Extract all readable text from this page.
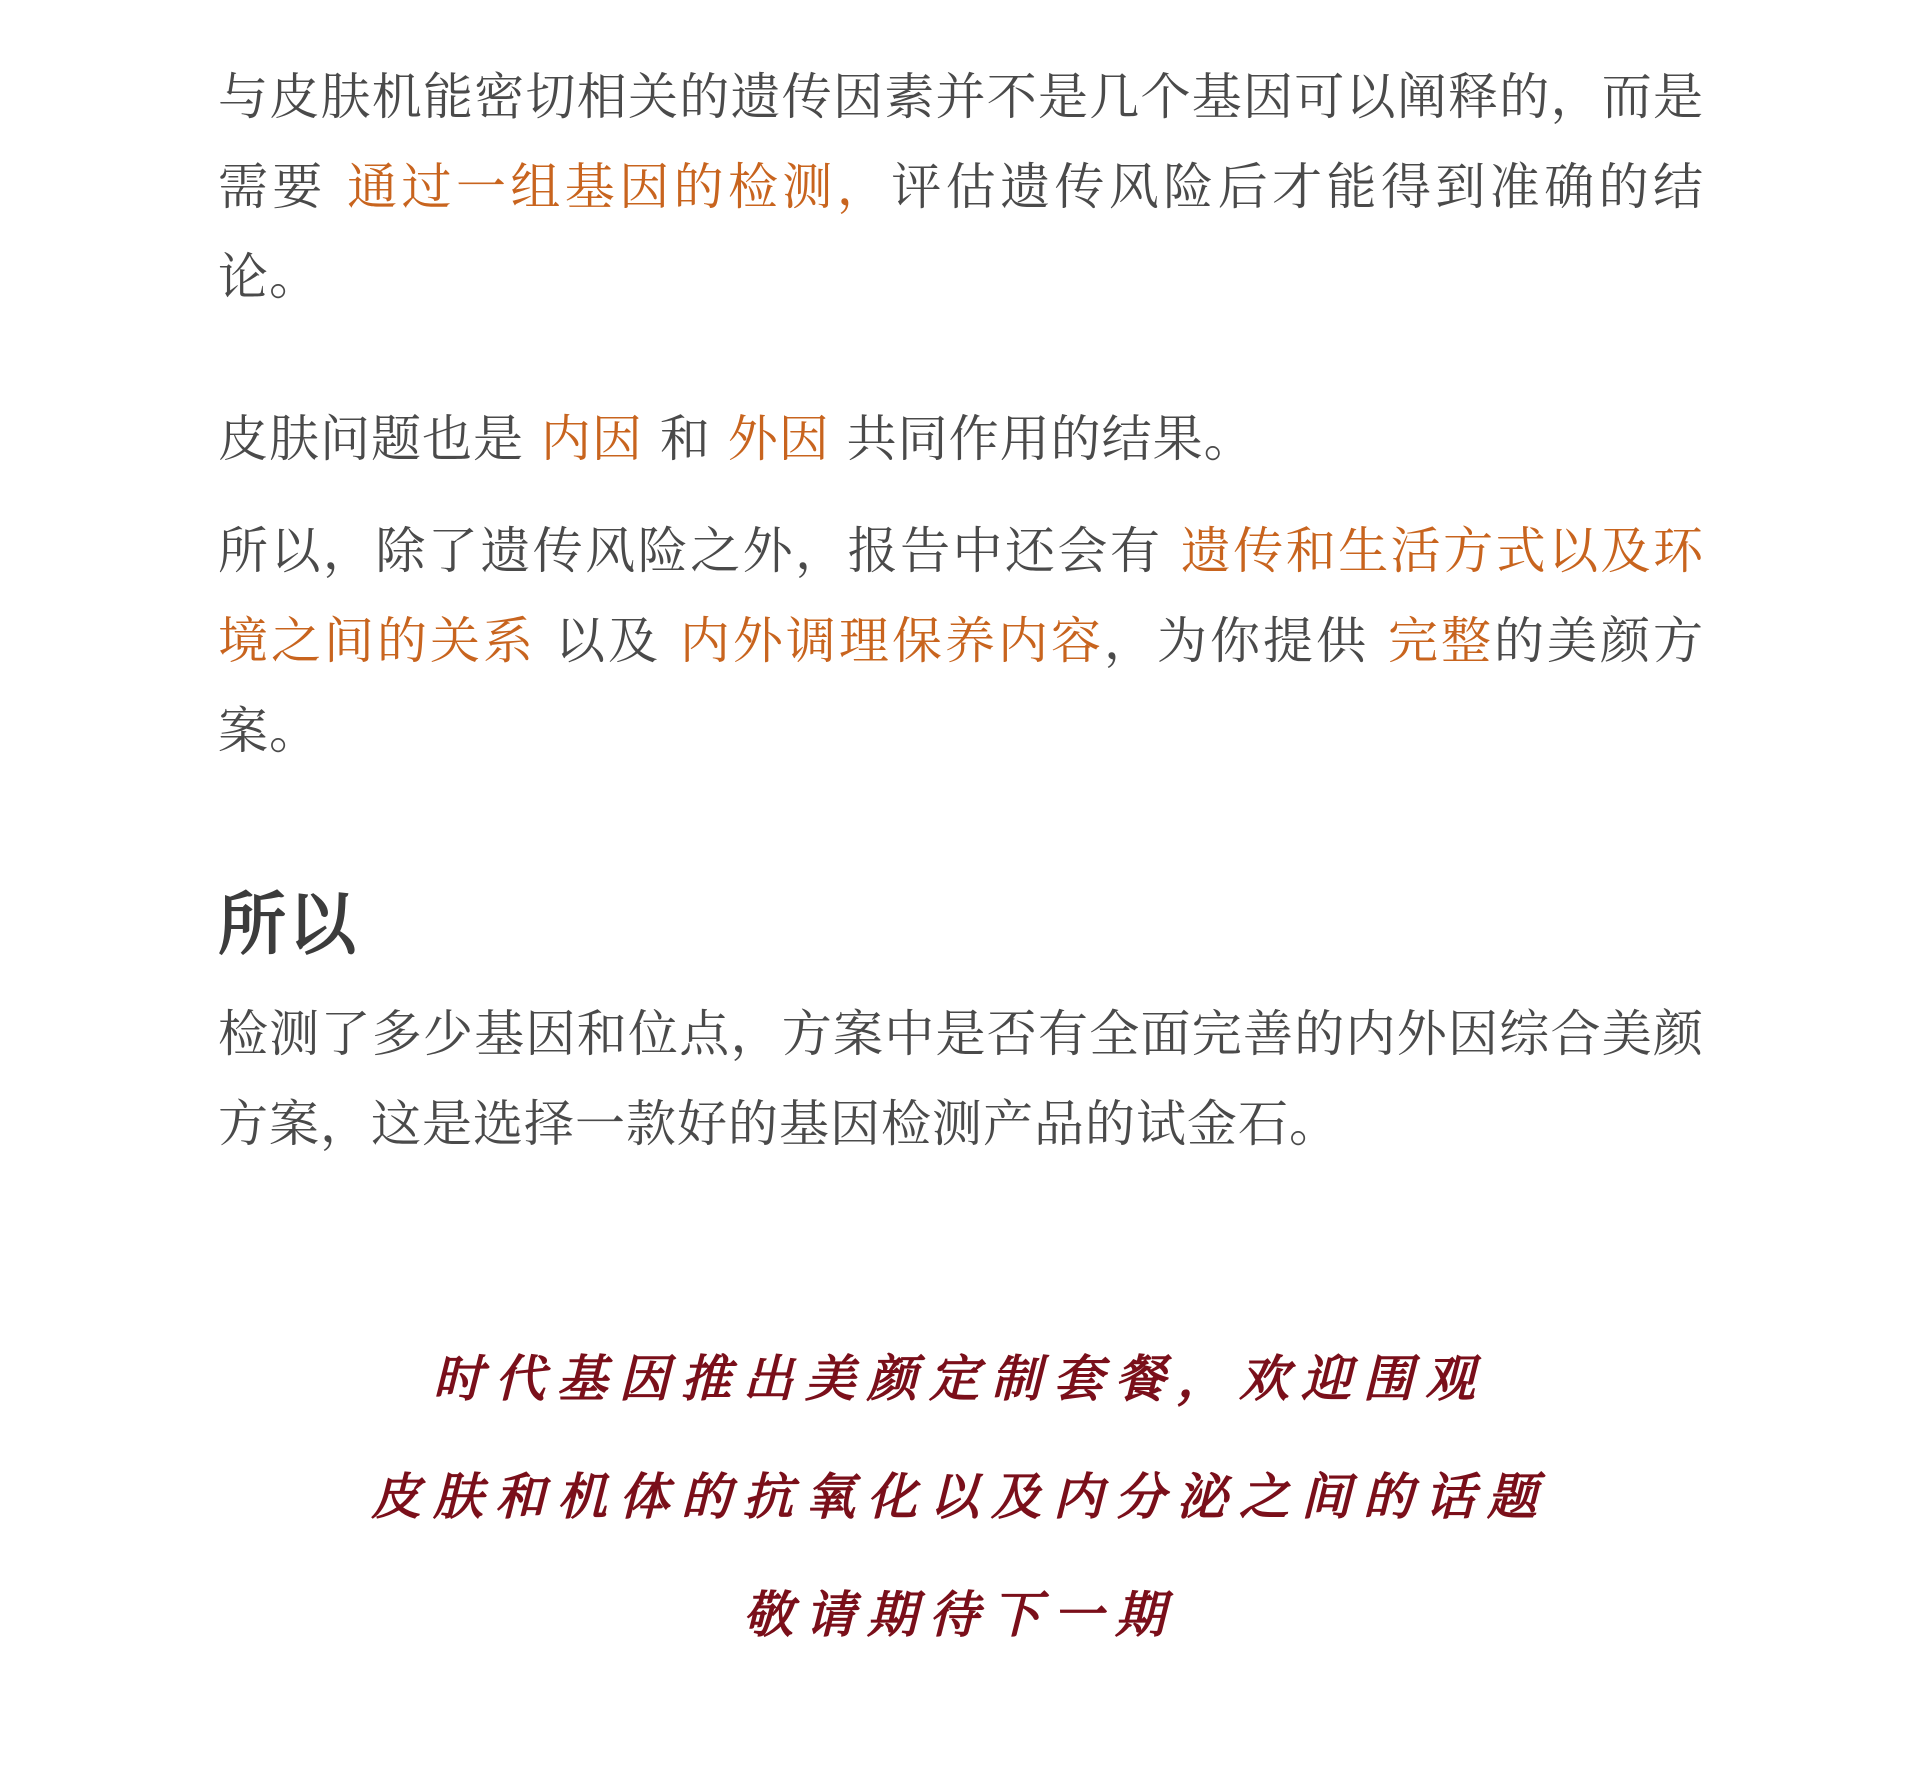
与皮肤机能密切相关的遗传因素并不是几个基因可以阐释的，而是需要 通过一组基因的检测，评估遗传风险后才能得到准确的结论。

皮肤问题也是 内因 和 外因 共同作用的结果。

所以，除了遗传风险之外，报告中还会有 遗传和生活方式以及环境之间的关系 以及 内外调理保养内容，为你提供 完整的美颜方案。

所以

检测了多少基因和位点，方案中是否有全面完善的内外因综合美颜方案，这是选择一款好的基因检测产品的试金石。

时代基因推出美颜定制套餐，欢迎围观

皮肤和机体的抗氧化以及内分泌之间的话题

敬请期待下一期
